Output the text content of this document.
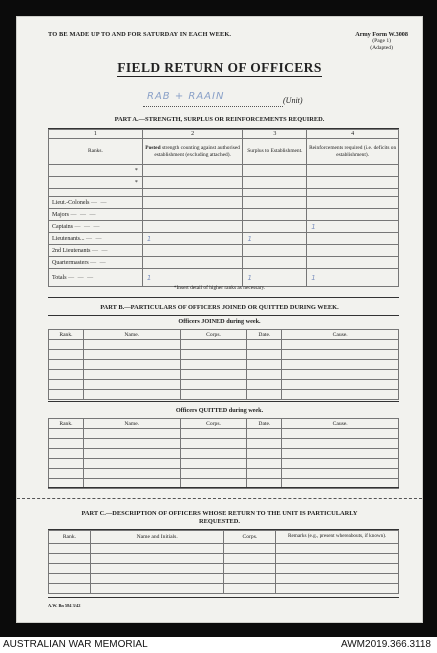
TO BE MADE UP TO AND FOR SATURDAY IN EACH WEEK.	Army Form W.3008

(Page 1)
(Adapted)
FIELD RETURN OF OFFICERS
RAB + RAAIN	(Unit)
PART A.—STRENGTH, SURPLUS OR REINFORCEMENTS REQUIRED.
1	2	3	4
Ranks.	Posted strength counting against authorised establishment (excluding attached).	Surplus to Establishment.	Reinforcements required (i.e. deficits on establishment).
*			
*			

Lieut.-Colonels — —			
Majors — — —			
Captains — — —			1
Lieutenants... — —	1	1	
2nd Lieutenants — —			
Quartermasters — —			
Totals — — —	1	1	1
*Insert detail of higher ranks as necessary.
PART B.—PARTICULARS OF OFFICERS JOINED OR QUITTED DURING WEEK.
Officers JOINED during week.
Rank.	Name.	Corps.	Date.	Cause.

Officers QUITTED during week.
Rank.	Name.	Corps.	Date.	Cause.

PART C.—DESCRIPTION OF OFFICERS WHOSE RETURN TO THE UNIT IS PARTICULARLY
REQUESTED.
Rank.	Name and Initials.	Corps.	Remarks (e.g., present whereabouts, if known).

A.W. Bn 584 3/42
AUSTRALIAN WAR MEMORIAL	AWM2019.366.3118
